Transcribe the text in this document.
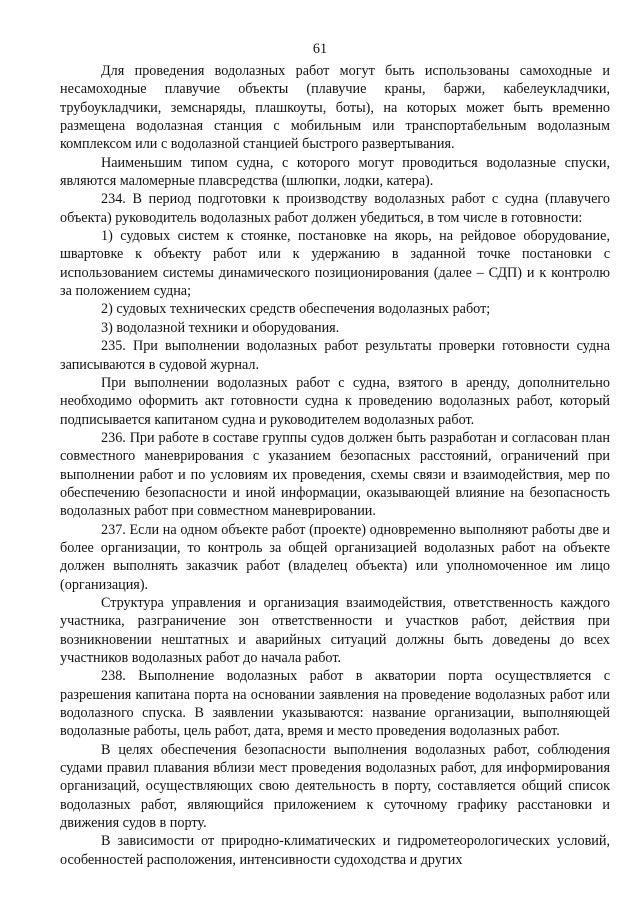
61

Для проведения водолазных работ могут быть использованы самоходные и несамоходные плавучие объекты (плавучие краны, баржи, кабелеукладчики, трубоукладчики, земснаряды, плашкоуты, боты), на которых может быть временно размещена водолазная станция с мобильным или транспортабельным водолазным комплексом или с водолазной станцией быстрого развертывания.

Наименьшим типом судна, с которого могут проводиться водолазные спуски, являются маломерные плавсредства (шлюпки, лодки, катера).

234. В период подготовки к производству водолазных работ с судна (плавучего объекта) руководитель водолазных работ должен убедиться, в том числе в готовности:

1) судовых систем к стоянке, постановке на якорь, на рейдовое оборудование, швартовке к объекту работ или к удержанию в заданной точке постановки с использованием системы динамического позиционирования (далее – СДП) и к контролю за положением судна;

2) судовых технических средств обеспечения водолазных работ;

3) водолазной техники и оборудования.

235. При выполнении водолазных работ результаты проверки готовности судна записываются в судовой журнал.

При выполнении водолазных работ с судна, взятого в аренду, дополнительно необходимо оформить акт готовности судна к проведению водолазных работ, который подписывается капитаном судна и руководителем водолазных работ.

236. При работе в составе группы судов должен быть разработан и согласован план совместного маневрирования с указанием безопасных расстояний, ограничений при выполнении работ и по условиям их проведения, схемы связи и взаимодействия, мер по обеспечению безопасности и иной информации, оказывающей влияние на безопасность водолазных работ при совместном маневрировании.

237. Если на одном объекте работ (проекте) одновременно выполняют работы две и более организации, то контроль за общей организацией водолазных работ на объекте должен выполнять заказчик работ (владелец объекта) или уполномоченное им лицо (организация).

Структура управления и организация взаимодействия, ответственность каждого участника, разграничение зон ответственности и участков работ, действия при возникновении нештатных и аварийных ситуаций должны быть доведены до всех участников водолазных работ до начала работ.

238. Выполнение водолазных работ в акватории порта осуществляется с разрешения капитана порта на основании заявления на проведение водолазных работ или водолазного спуска. В заявлении указываются: название организации, выполняющей водолазные работы, цель работ, дата, время и место проведения водолазных работ.

В целях обеспечения безопасности выполнения водолазных работ, соблюдения судами правил плавания вблизи мест проведения водолазных работ, для информирования организаций, осуществляющих свою деятельность в порту, составляется общий список водолазных работ, являющийся приложением к суточному графику расстановки и движения судов в порту.

В зависимости от природно-климатических и гидрометеорологических условий, особенностей расположения, интенсивности судоходства и других
